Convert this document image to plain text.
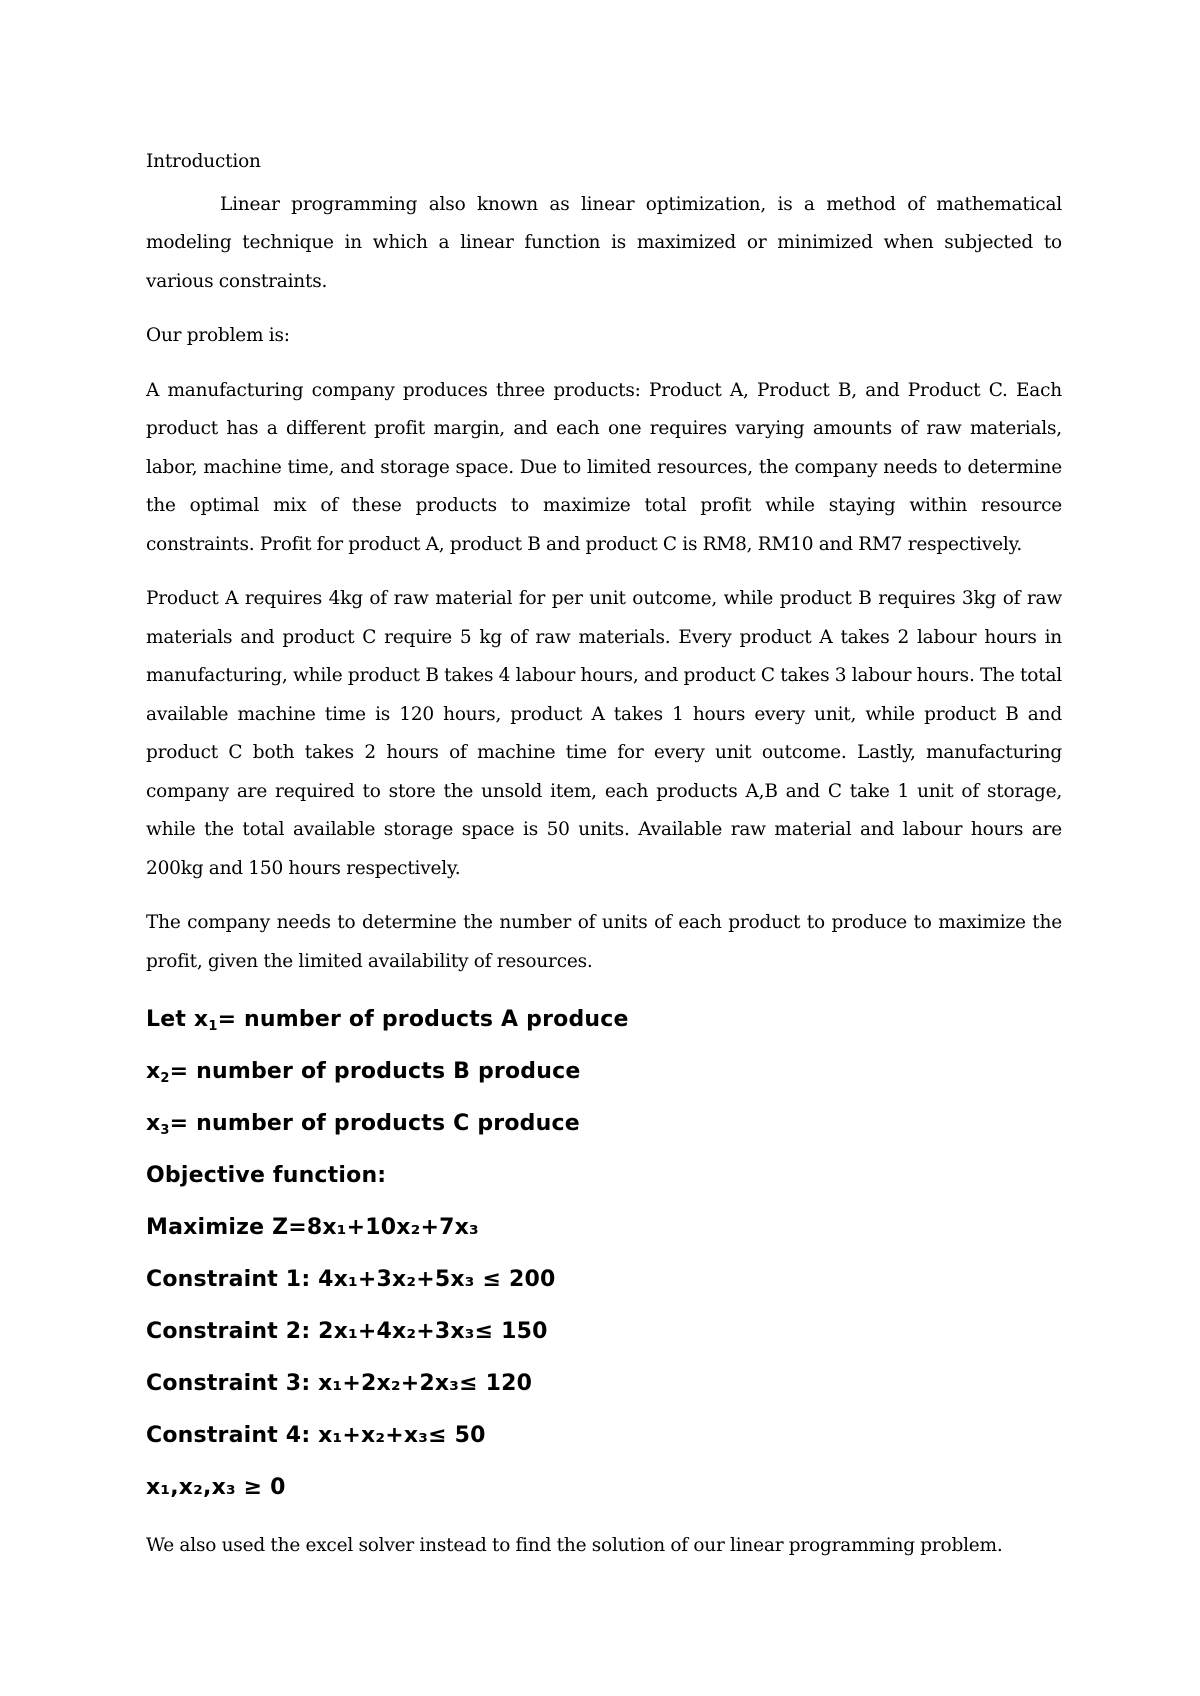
Introduction

Linear programming also known as linear optimization, is a method of mathematical modeling technique in which a linear function is maximized or minimized when subjected to various constraints.

Our problem is:

A manufacturing company produces three products: Product A, Product B, and Product C. Each product has a different profit margin, and each one requires varying amounts of raw materials, labor, machine time, and storage space. Due to limited resources, the company needs to determine the optimal mix of these products to maximize total profit while staying within resource constraints. Profit for product A, product B and product C is RM8, RM10 and RM7 respectively.

Product A requires 4kg of raw material for per unit outcome, while product B requires 3kg of raw materials and product C require 5 kg of raw materials. Every product A takes 2 labour hours in manufacturing, while product B takes 4 labour hours, and product C takes 3 labour hours. The total available machine time is 120 hours, product A takes 1 hours every unit, while product B and product C both takes 2 hours of machine time for every unit outcome. Lastly, manufacturing company are required to store the unsold item, each products A,B and C take 1 unit of storage, while the total available storage space is 50 units. Available raw material and labour hours are 200kg and 150 hours respectively.

The company needs to determine the number of units of each product to produce to maximize the profit, given the limited availability of resources.

Let $x_1=$ number of products A produce
$x_2=$ number of products B produce
$x_3=$ number of products C produce
Objective function:
Maximize Z=8x₁+10x₂+7x₃
Constraint 1: 4x₁+3x₂+5x₃ ≤ 200
Constraint 2: 2x₁+4x₂+3x₃≤ 150
Constraint 3: x₁+2x₂+2x₃≤ 120
Constraint 4: x₁+x₂+x₃≤ 50
x₁,x₂,x₃ ≥ 0
We also used the excel solver instead to find the solution of our linear programming problem.
